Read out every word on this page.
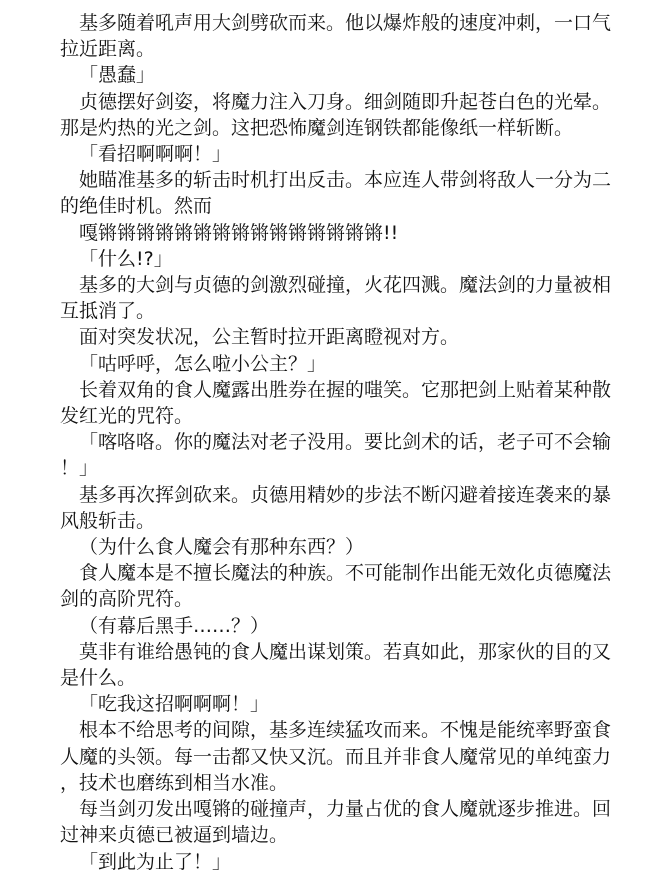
基多随着吼声用大剑劈砍而来。他以爆炸般的速度冲刺，一口气拉近距离。

「愚蠢」

贞德摆好剑姿，将魔力注入刀身。细剑随即升起苍白色的光晕。那是灼热的光之剑。这把恐怖魔剑连钢铁都能像纸一样斩断。

「看招啊啊啊！」

她瞄准基多的斩击时机打出反击。本应连人带剑将敌人一分为二的绝佳时机。然而

嘎锵锵锵锵锵锵锵锵锵锵锵锵锵锵锵!!

「什么!?」

基多的大剑与贞德的剑激烈碰撞，火花四溅。魔法剑的力量被相互抵消了。

面对突发状况，公主暂时拉开距离瞪视对方。

「咕呼呼，怎么啦小公主？」

长着双角的食人魔露出胜券在握的嗤笑。它那把剑上贴着某种散发红光的咒符。

「喀咯咯。你的魔法对老子没用。要比剑术的话，老子可不会输！」

基多再次挥剑砍来。贞德用精妙的步法不断闪避着接连袭来的暴风般斩击。

（为什么食人魔会有那种东西？）

食人魔本是不擅长魔法的种族。不可能制作出能无效化贞德魔法剑的高阶咒符。

（有幕后黑手……？）

莫非有谁给愚钝的食人魔出谋划策。若真如此，那家伙的目的又是什么。

「吃我这招啊啊啊！」

根本不给思考的间隙，基多连续猛攻而来。不愧是能统率野蛮食人魔的头领。每一击都又快又沉。而且并非食人魔常见的单纯蛮力，技术也磨练到相当水准。

每当剑刃发出嘎锵的碰撞声，力量占优的食人魔就逐步推进。回过神来贞德已被逼到墙边。

「到此为止了！」
